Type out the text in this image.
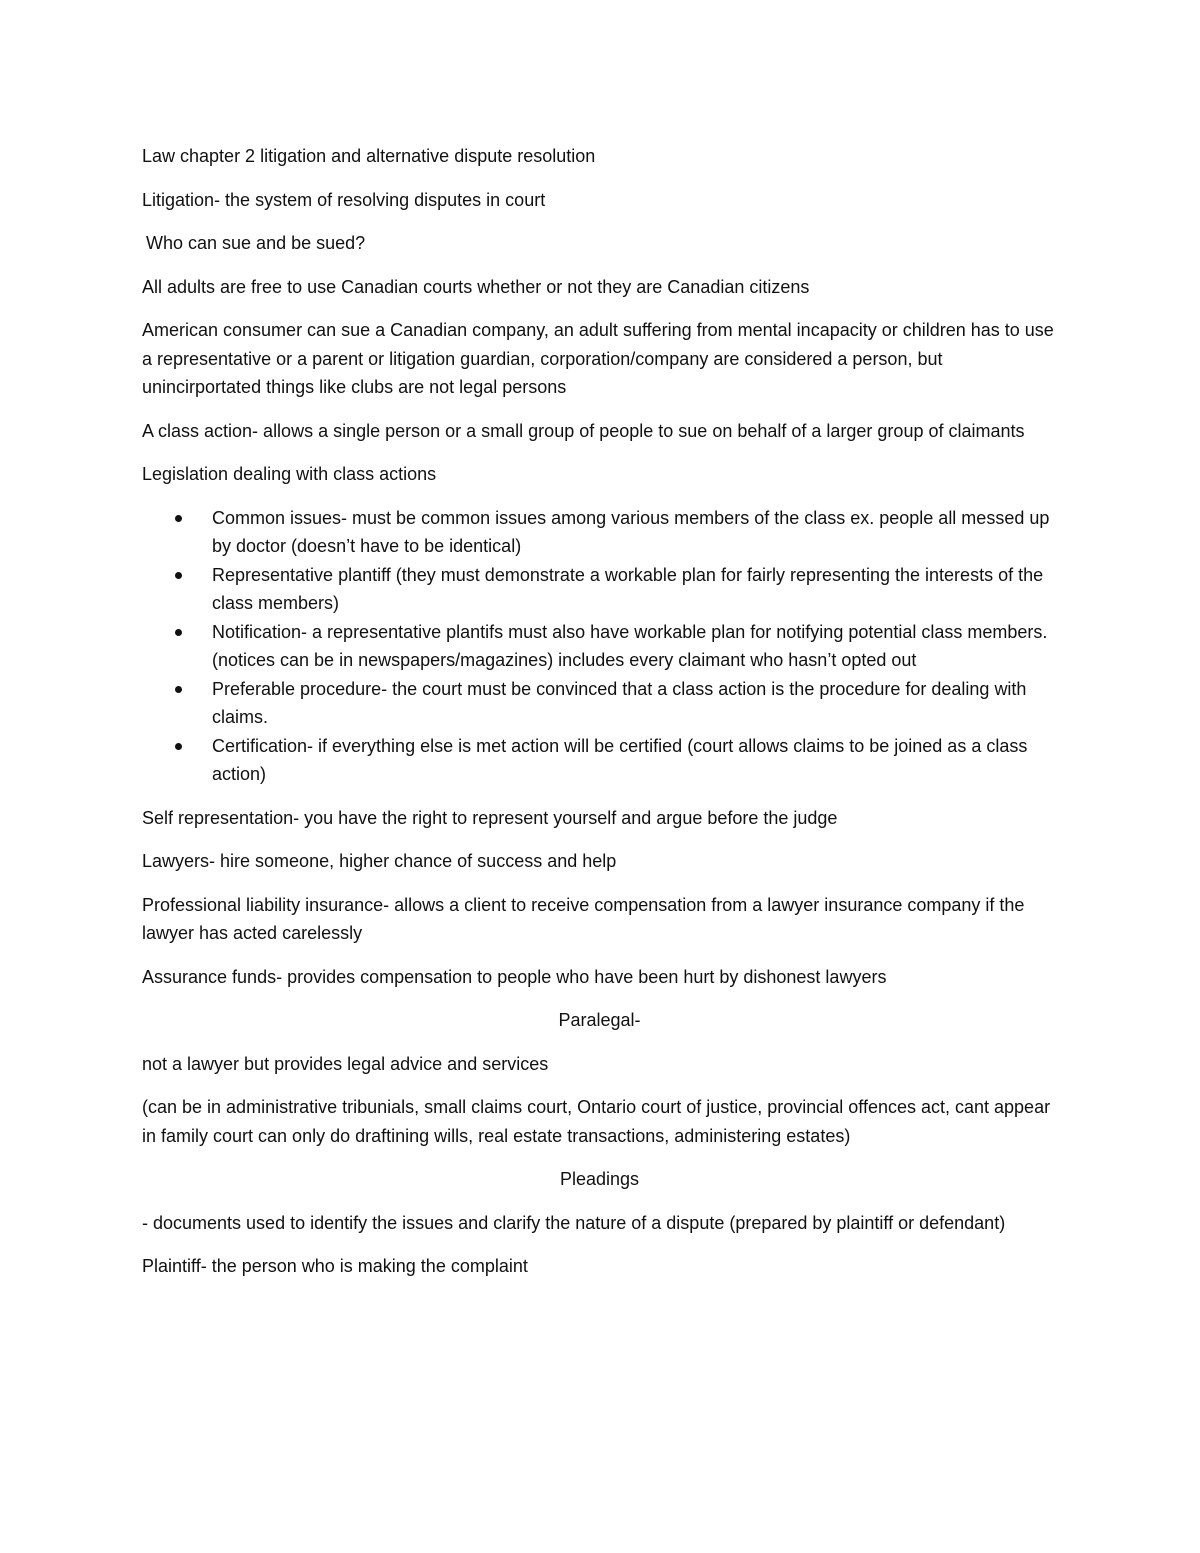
Law chapter 2 litigation and alternative dispute resolution

Litigation- the system of resolving disputes in court

Who can sue and be sued?

All adults are free to use Canadian courts whether or not they are Canadian citizens

American consumer can sue a Canadian company, an adult suffering from mental incapacity or children has to use a representative or a parent or litigation guardian, corporation/company are considered a person, but unincirportated things like clubs are not legal persons

A class action- allows a single person or a small group of people to sue on behalf of a larger group of claimants

Legislation dealing with class actions

Common issues- must be common issues among various members of the class ex. people all messed up by doctor (doesn’t have to be identical)
Representative plantiff (they must demonstrate a workable plan for fairly representing the interests of the class members)
Notification- a representative plantifs must also have workable plan for notifying potential class members. (notices can be in newspapers/magazines) includes every claimant who hasn’t opted out
Preferable procedure- the court must be convinced that a class action is the procedure for dealing with claims.
Certification- if everything else is met action will be certified (court allows claims to be joined as a class action)

Self representation- you have the right to represent yourself and argue before the judge

Lawyers- hire someone, higher chance of success and help

Professional liability insurance- allows a client to receive compensation from a lawyer insurance company if the lawyer has acted carelessly

Assurance funds- provides compensation to people who have been hurt by dishonest lawyers

Paralegal-

not a lawyer but provides legal advice and services

(can be in administrative tribunials, small claims court, Ontario court of justice, provincial offences act, cant appear in family court can only do draftining wills, real estate transactions, administering estates)

Pleadings

- documents used to identify the issues and clarify the nature of a dispute (prepared by plaintiff or defendant)

Plaintiff- the person who is making the complaint
